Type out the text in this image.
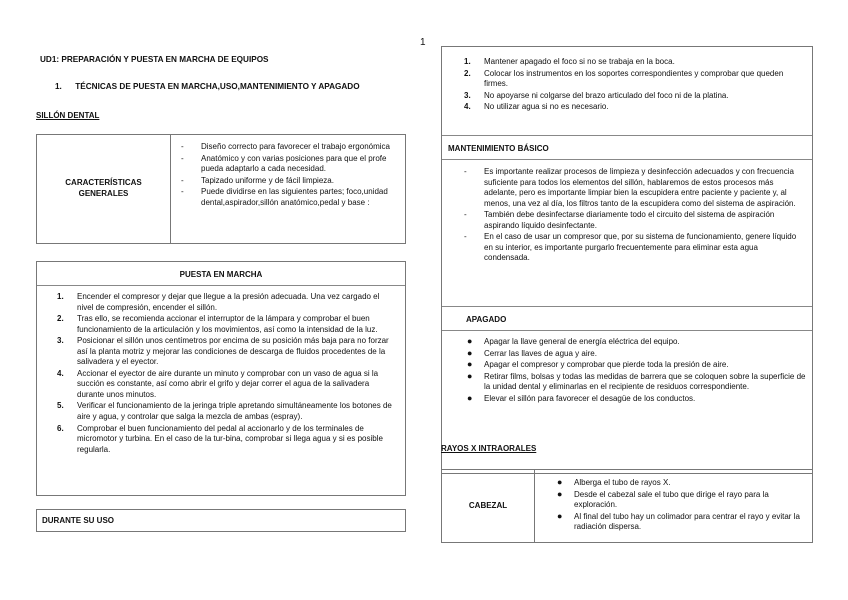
1
UD1: PREPARACIÓN Y PUESTA EN MARCHA DE EQUIPOS
1. TÉCNICAS DE PUESTA EN MARCHA,USO,MANTENIMIENTO Y APAGADO
SILLÓN DENTAL
CARACTERÍSTICAS GENERALES
- Diseño correcto para favorecer el trabajo ergonómica
- Anatómico y con varias posiciones para que el profe pueda adaptarlo a cada necesidad.
- Tapizado uniforme y de fácil limpieza.
- Puede dividirse en las siguientes partes; foco,unidad dental,aspirador,sillón anatómico,pedal y base :
PUESTA EN MARCHA
1. Encender el compresor y dejar que llegue a la presión adecuada. Una vez cargado el nivel de compresión, encender el sillón.
2. Tras ello, se recomienda accionar el interruptor de la lámpara y comprobar el buen funcionamiento de la articulación y los movimientos, así como la intensidad de la luz.
3. Posicionar el sillón unos centímetros por encima de su posición más baja para no forzar así la planta motriz y mejorar las condiciones de descarga de fluidos procedentes de la salivadera y el eyector.
4. Accionar el eyector de aire durante un minuto y comprobar con un vaso de agua si la succión es constante, así como abrir el grifo y dejar correr el agua de la salivadera durante unos minutos.
5. Verificar el funcionamiento de la jeringa triple apretando simultáneamente los botones de aire y agua, y controlar que salga la mezcla de ambas (espray).
6. Comprobar el buen funcionamiento del pedal al accionarlo y de los terminales de micromotor y turbina. En el caso de la tur-bina, comprobar si llega agua y si es posible regularla.
DURANTE SU USO
1. Mantener apagado el foco si no se trabaja en la boca.
2. Colocar los instrumentos en los soportes correspondientes y comprobar que queden firmes.
3. No apoyarse ni colgarse del brazo articulado del foco ni de la platina.
4. No utilizar agua si no es necesario.
MANTENIMIENTO BÁSICO
- Es importante realizar procesos de limpieza y desinfección adecuados y con frecuencia suficiente para todos los elementos del sillón, hablaremos de estos procesos más adelante, pero es importante limpiar bien la escupidera entre paciente y paciente y, al menos, una vez al día, los filtros tanto de la escupidera como del sistema de aspiración.
- También debe desinfectarse diariamente todo el circuito del sistema de aspiración aspirando líquido desinfectante.
- En el caso de usar un compresor que, por su sistema de funcionamiento, genere líquido en su interior, es importante purgarlo frecuentemente para eliminar esta agua condensada.
APAGADO
● Apagar la llave general de energía eléctrica del equipo.
● Cerrar las llaves de agua y aire.
● Apagar el compresor y comprobar que pierde toda la presión de aire.
● Retirar films, bolsas y todas las medidas de barrera que se coloquen sobre la superficie de la unidad dental y eliminarlas en el recipiente de residuos correspondiente.
● Elevar el sillón para favorecer el desagüe de los conductos.
RAYOS X INTRAORALES
CABEZAL
● Alberga el tubo de rayos X.
● Desde el cabezal sale el tubo que dirige el rayo para la exploración.
● Al final del tubo hay un colimador para centrar el rayo y evitar la radiación dispersa.
